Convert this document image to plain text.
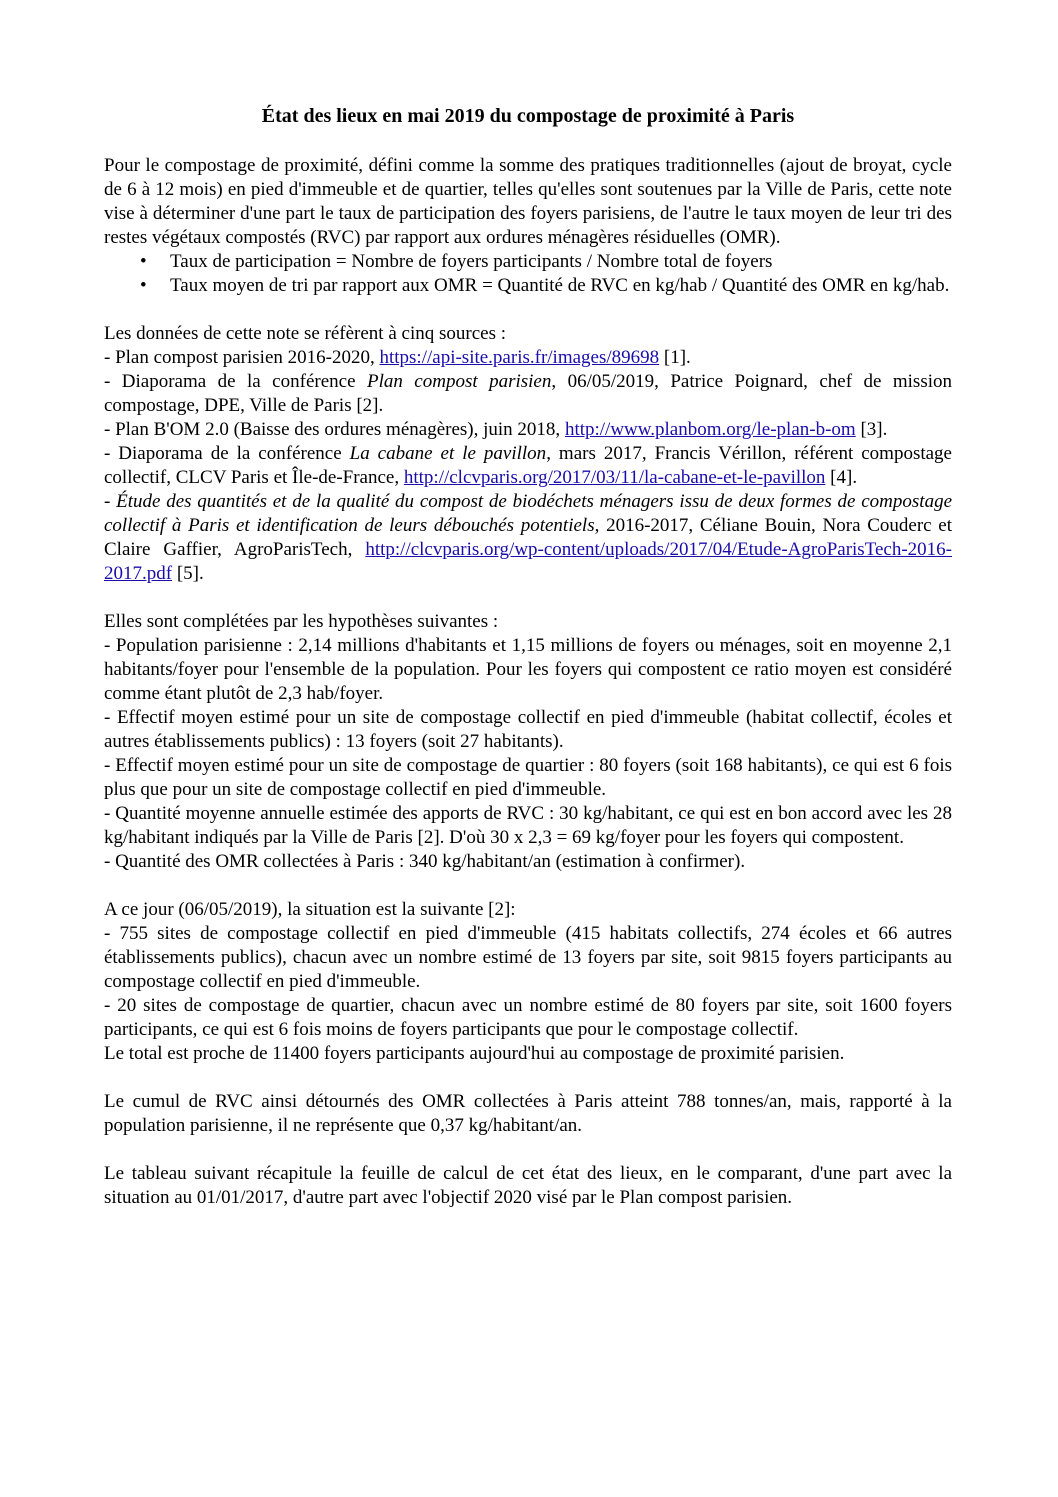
État des lieux en mai 2019 du compostage de proximité à Paris

Pour le compostage de proximité, défini comme la somme des pratiques traditionnelles (ajout de broyat, cycle de 6 à 12 mois) en pied d'immeuble et de quartier, telles qu'elles sont soutenues par la Ville de Paris, cette note vise à déterminer d'une part le taux de participation des foyers parisiens, de l'autre le taux moyen de leur tri des restes végétaux compostés (RVC) par rapport aux ordures ménagères résiduelles (OMR).

• Taux de participation = Nombre de foyers participants / Nombre total de foyers
• Taux moyen de tri par rapport aux OMR = Quantité de RVC en kg/hab / Quantité des OMR en kg/hab.

Les données de cette note se réfèrent à cinq sources :

- Plan compost parisien 2016-2020, https://api-site.paris.fr/images/89698 [1].

- Diaporama de la conférence Plan compost parisien, 06/05/2019, Patrice Poignard, chef de mission compostage, DPE, Ville de Paris [2].

- Plan B'OM 2.0 (Baisse des ordures ménagères), juin 2018, http://www.planbom.org/le-plan-b-om [3].

- Diaporama de la conférence La cabane et le pavillon, mars 2017, Francis Vérillon, référent compostage collectif, CLCV Paris et Île-de-France, http://clcvparis.org/2017/03/11/la-cabane-et-le-pavillon [4].

- Étude des quantités et de la qualité du compost de biodéchets ménagers issu de deux formes de compostage collectif à Paris et identification de leurs débouchés potentiels, 2016-2017, Céliane Bouin, Nora Couderc et Claire Gaffier, AgroParisTech, http://clcvparis.org/wp-content/uploads/2017/04/Etude-AgroParisTech-2016-2017.pdf [5].

Elles sont complétées par les hypothèses suivantes :

- Population parisienne : 2,14 millions d'habitants et 1,15 millions de foyers ou ménages, soit en moyenne 2,1 habitants/foyer pour l'ensemble de la population. Pour les foyers qui compostent ce ratio moyen est considéré comme étant plutôt de 2,3 hab/foyer.

- Effectif moyen estimé pour un site de compostage collectif en pied d'immeuble (habitat collectif, écoles et autres établissements publics) : 13 foyers (soit 27 habitants).

- Effectif moyen estimé pour un site de compostage de quartier : 80 foyers (soit 168 habitants), ce qui est 6 fois plus que pour un site de compostage collectif en pied d'immeuble.

- Quantité moyenne annuelle estimée des apports de RVC : 30 kg/habitant, ce qui est en bon accord avec les 28 kg/habitant indiqués par la Ville de Paris [2]. D'où 30 x 2,3 = 69 kg/foyer pour les foyers qui compostent.

- Quantité des OMR collectées à Paris : 340 kg/habitant/an (estimation à confirmer).

A ce jour (06/05/2019), la situation est la suivante [2]:

- 755 sites de compostage collectif en pied d'immeuble (415 habitats collectifs, 274 écoles et 66 autres établissements publics), chacun avec un nombre estimé de 13 foyers par site, soit 9815 foyers participants au compostage collectif en pied d'immeuble.

- 20 sites de compostage de quartier, chacun avec un nombre estimé de 80 foyers par site, soit 1600 foyers participants, ce qui est 6 fois moins de foyers participants que pour le compostage collectif.

Le total est proche de 11400 foyers participants aujourd'hui au compostage de proximité parisien.

Le cumul de RVC ainsi détournés des OMR collectées à Paris atteint 788 tonnes/an, mais, rapporté à la population parisienne, il ne représente que 0,37 kg/habitant/an.

Le tableau suivant récapitule la feuille de calcul de cet état des lieux, en le comparant, d'une part avec la situation au 01/01/2017, d'autre part avec l'objectif 2020 visé par le Plan compost parisien.
